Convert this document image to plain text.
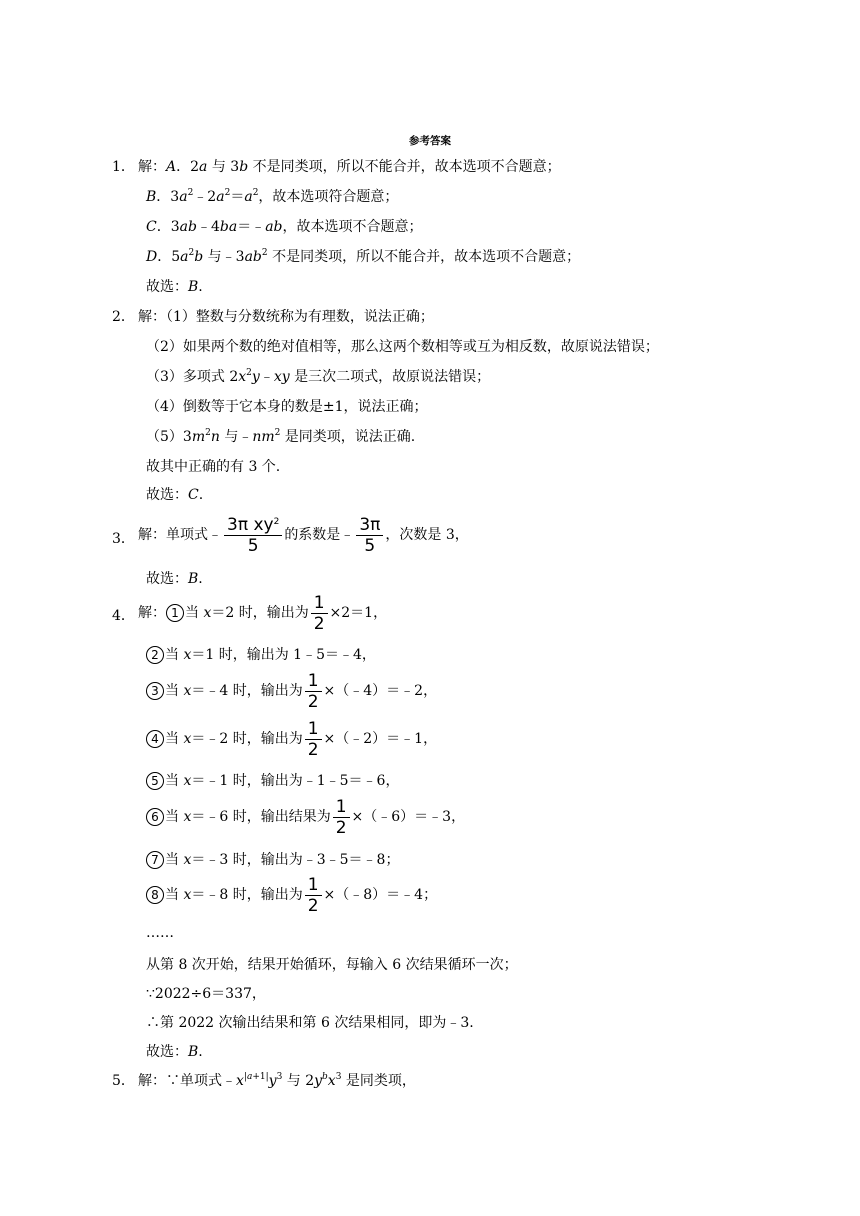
参考答案
1． 解：A．2a 与 3b 不是同类项，所以不能合并，故本选项不合题意；
B．$3a^2﹣2a^2=a^2$，故本选项符合题意；
C．3ab﹣4ba＝﹣ab，故本选项不合题意；
D．$5a^2b$ 与$﹣3ab^2$ 不是同类项，所以不能合并，故本选项不合题意；
故选：B.
2． 解：（1）整数与分数统称为有理数，说法正确；
（2）如果两个数的绝对值相等，那么这两个数相等或互为相反数，故原说法错误；
（3）多项式 $2x^2y﹣xy$ 是三次二项式，故原说法错误；
（4）倒数等于它本身的数是±1，说法正确；
$(5)3m^2n$ 与$﹣nm^2$ 是同类项，说法正确.
故其中正确的有 3 个.
故选：C.
3． 解：单项式﹣ $\frac{3\pi xy^2}{5}$ 的系数是﹣ $\frac{3\pi}{5}$ ，次数是 3，
故选：B.
4． 解： 1 当 x＝2 时，输出为 $\frac{1}{2} \times 2=1$，
2 当 x＝1 时，输出为 1﹣5＝﹣4，
3 当 x＝﹣4 时，输出为 $\frac{1}{2}$ ×（﹣4）＝﹣2，
4 当 x＝﹣2 时，输出为 $\frac{1}{2}$ ×（﹣2）＝﹣1，
5 当 x＝﹣1 时，输出为﹣1﹣5＝﹣6，
6 当 x＝﹣6 时，输出结果为 $\frac{1}{2}$ ×（﹣6）＝﹣3，
7 当 x＝﹣3 时，输出为﹣3﹣5＝﹣8；
8 当 x＝﹣8 时，输出为 $\frac{1}{2}$ ×（﹣8）＝﹣4；
……
从第 8 次开始，结果开始循环，每输入 6 次结果循环一次；
∵2022÷6＝337，
∴第 2022 次输出结果和第 6 次结果相同，即为﹣3.
故选：B.
5． 解：∵单项式$﹣x^{|a+1|}y^3$ 与 $2y^bx^3$ 是同类项，
